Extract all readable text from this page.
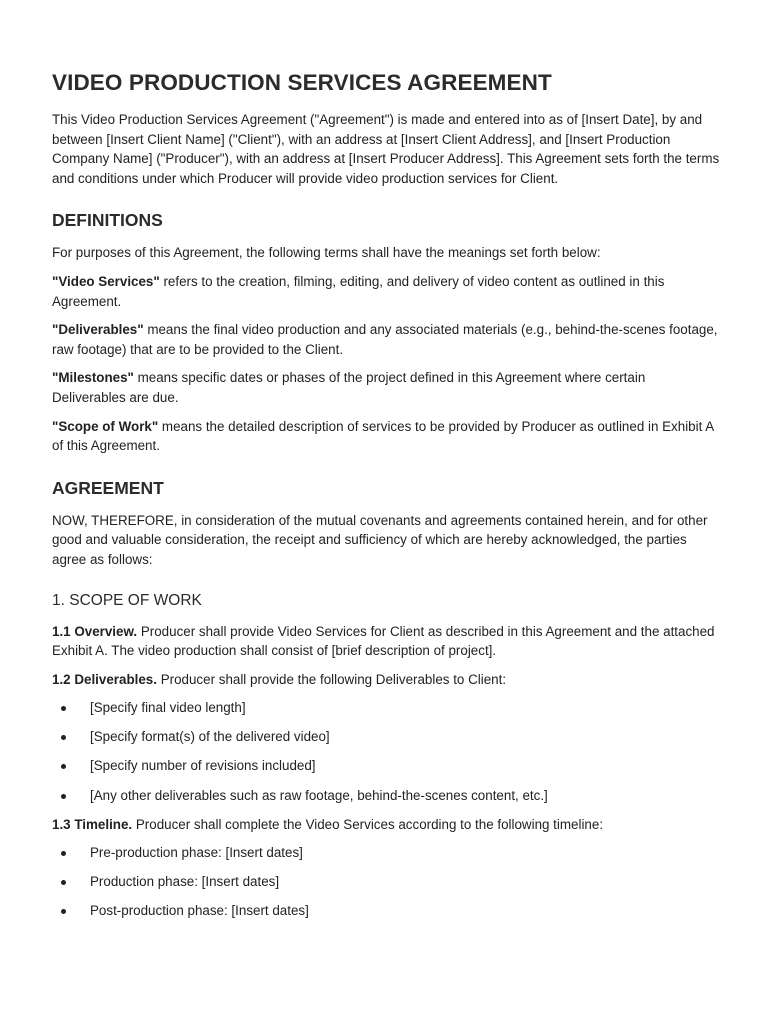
VIDEO PRODUCTION SERVICES AGREEMENT

This Video Production Services Agreement ("Agreement") is made and entered into as of [Insert Date], by and between [Insert Client Name] ("Client"), with an address at [Insert Client Address], and [Insert Production Company Name] ("Producer"), with an address at [Insert Producer Address]. This Agreement sets forth the terms and conditions under which Producer will provide video production services for Client.

DEFINITIONS

For purposes of this Agreement, the following terms shall have the meanings set forth below:

"Video Services" refers to the creation, filming, editing, and delivery of video content as outlined in this Agreement.

"Deliverables" means the final video production and any associated materials (e.g., behind-the-scenes footage, raw footage) that are to be provided to the Client.

"Milestones" means specific dates or phases of the project defined in this Agreement where certain Deliverables are due.

"Scope of Work" means the detailed description of services to be provided by Producer as outlined in Exhibit A of this Agreement.

AGREEMENT

NOW, THEREFORE, in consideration of the mutual covenants and agreements contained herein, and for other good and valuable consideration, the receipt and sufficiency of which are hereby acknowledged, the parties agree as follows:

1. SCOPE OF WORK

1.1 Overview. Producer shall provide Video Services for Client as described in this Agreement and the attached Exhibit A. The video production shall consist of [brief description of project].

1.2 Deliverables. Producer shall provide the following Deliverables to Client:

[Specify final video length]
[Specify format(s) of the delivered video]
[Specify number of revisions included]
[Any other deliverables such as raw footage, behind-the-scenes content, etc.]

1.3 Timeline. Producer shall complete the Video Services according to the following timeline:

Pre-production phase: [Insert dates]
Production phase: [Insert dates]
Post-production phase: [Insert dates]
